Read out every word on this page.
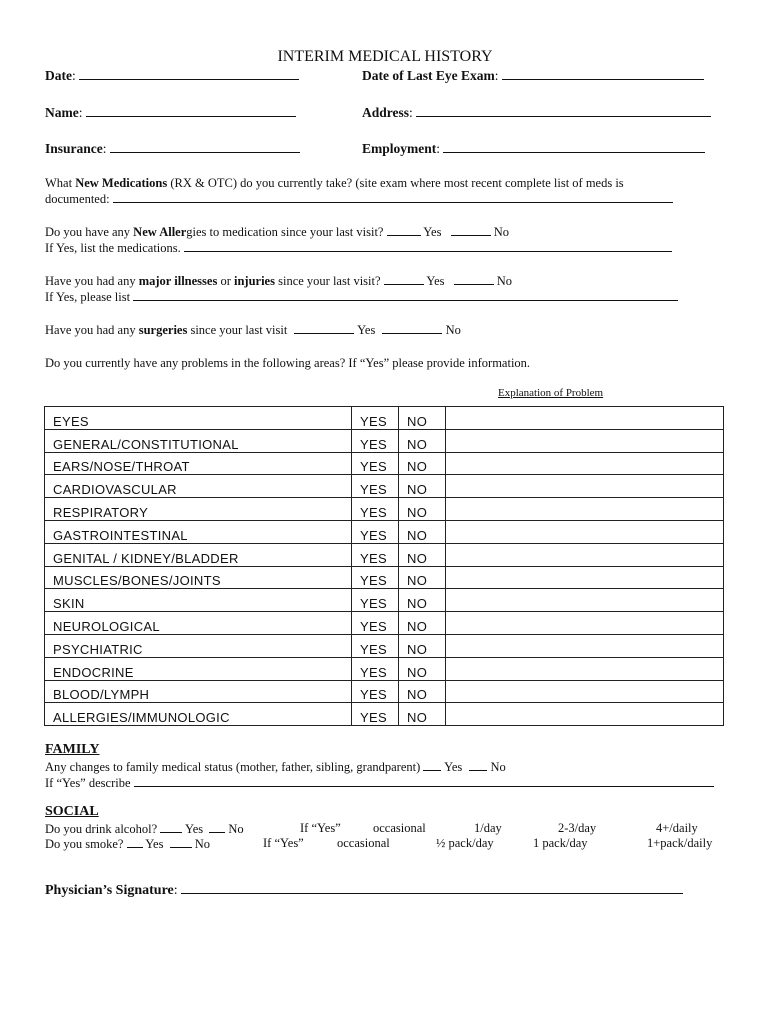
INTERIM MEDICAL HISTORY
Date:	Date of Last Eye Exam:
Name:	Address:
Insurance:	Employment:
What New Medications (RX & OTC) do you currently take? (site exam where most recent complete list of meds is
documented:
Do you have any New Allergies to medication since your last visit?	Yes	No
If Yes, list the medications.
Have you had any major illnesses or injuries since your last visit?	Yes	No
If Yes, please list
Have you had any surgeries since your last visit	Yes	No
Do you currently have any problems in the following areas? If “Yes” please provide information.
Explanation of Problem
EYES	YES	NO	
GENERAL/CONSTITUTIONAL	YES	NO	
EARS/NOSE/THROAT	YES	NO	
CARDIOVASCULAR	YES	NO	
RESPIRATORY	YES	NO	
GASTROINTESTINAL	YES	NO	
GENITAL / KIDNEY/BLADDER	YES	NO	
MUSCLES/BONES/JOINTS	YES	NO	
SKIN	YES	NO	
NEUROLOGICAL	YES	NO	
PSYCHIATRIC	YES	NO	
ENDOCRINE	YES	NO	
BLOOD/LYMPH	YES	NO	
ALLERGIES/IMMUNOLOGIC	YES	NO	
FAMILY
Any changes to family medical status (mother, father, sibling, grandparent) Yes No
If “Yes” describe
SOCIAL
Do you drink alcohol? Yes No	If “Yes”	occasional	1/day	2-3/day	4+/daily
Do you smoke? Yes	No	If “Yes”	occasional	½ pack/day	1 pack/day	1+pack/daily
Physician’s Signature:
